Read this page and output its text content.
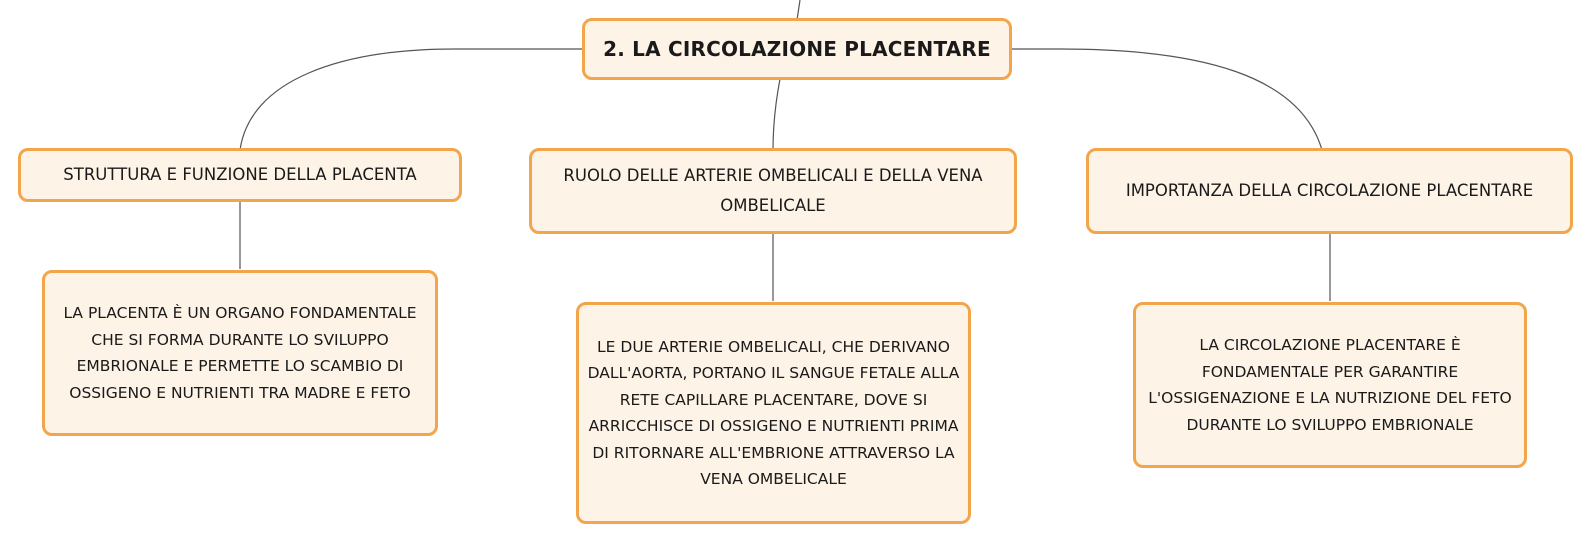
2. LA CIRCOLAZIONE PLACENTARE
STRUTTURA E FUNZIONE DELLA PLACENTA	RUOLO DELLE ARTERIE OMBELICALI E DELLA VENA OMBELICALE
IMPORTANZA DELLA CIRCOLAZIONE PLACENTARE
LA PLACENTA È UN ORGANO FONDAMENTALE CHE SI FORMA DURANTE LO SVILUPPO EMBRIONALE E PERMETTE LO SCAMBIO DI OSSIGENO E NUTRIENTI TRA MADRE E FETO
LE DUE ARTERIE OMBELICALI, CHE DERIVANO DALL'AORTA, PORTANO IL SANGUE FETALE ALLA RETE CAPILLARE PLACENTARE, DOVE SI ARRICCHISCE DI OSSIGENO E NUTRIENTI PRIMA DI RITORNARE ALL'EMBRIONE ATTRAVERSO LA VENA OMBELICALE
LA CIRCOLAZIONE PLACENTARE È FONDAMENTALE PER GARANTIRE L'OSSIGENAZIONE E LA NUTRIZIONE DEL FETO DURANTE LO SVILUPPO EMBRIONALE
